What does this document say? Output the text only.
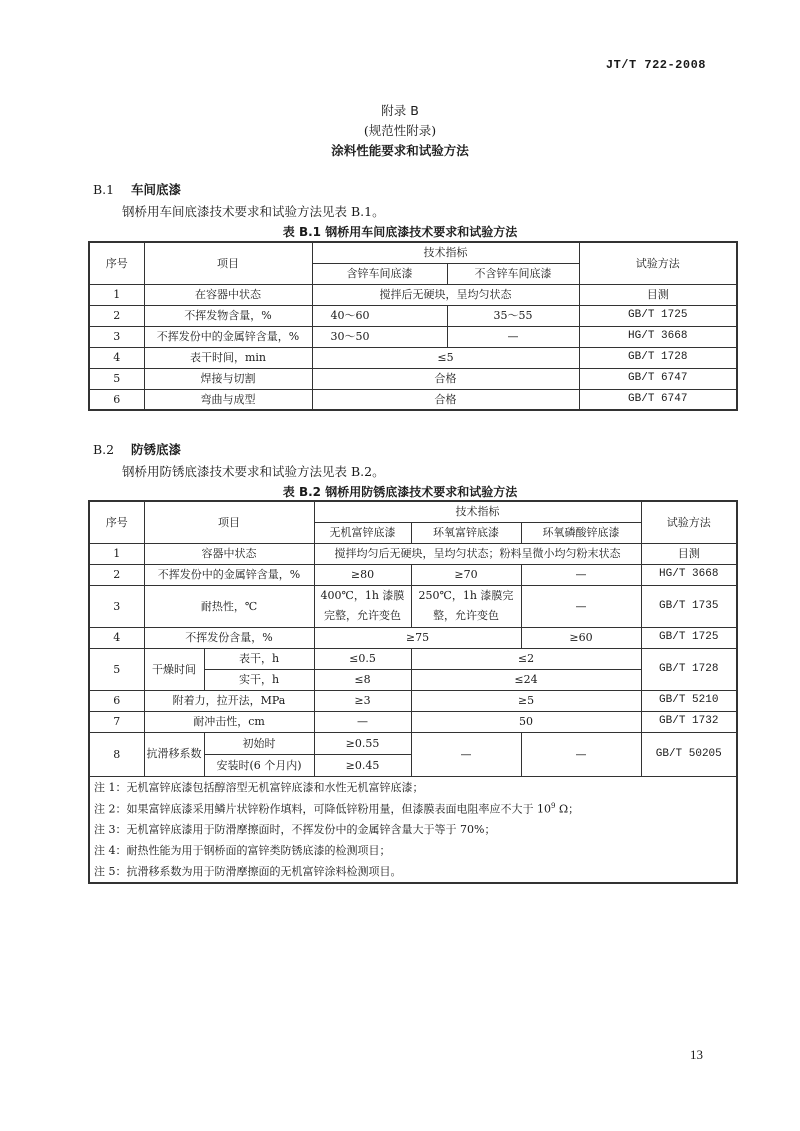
JT/T 722-2008
附录 B
(规范性附录)
涂料性能要求和试验方法
B.1 车间底漆
钢桥用车间底漆技术要求和试验方法见表 B.1。
表 B.1 钢桥用车间底漆技术要求和试验方法
序号	项目	技术指标		试验方法
		含锌车间底漆	不含锌车间底漆	
1	在容器中状态	搅拌后无硬块，呈均匀状态		目测
2	不挥发物含量，%	40～60	35～55	GB/T 1725
3	不挥发份中的金属锌含量，%	30～50	—	HG/T 3668
4	表干时间，min	≤5		GB/T 1728
5	焊接与切割	合格		GB/T 6747
6	弯曲与成型	合格		GB/T 6747
B.2 防锈底漆
钢桥用防锈底漆技术要求和试验方法见表 B.2。
表 B.2 钢桥用防锈底漆技术要求和试验方法
序号	项目		技术指标			试验方法
			无机富锌底漆	环氧富锌底漆	环氧磷酸锌底漆	
1	容器中状态		搅拌均匀后无硬块，呈均匀状态；粉料呈微小均匀粉末状态			目测
2	不挥发份中的金属锌含量，%		≥80	≥70	—	HG/T 3668
3	耐热性，℃		400℃，1h 漆膜完整，允许变色	250℃，1h 漆膜完整，允许变色	—	GB/T 1735
4	不挥发份含量，%		≥75		≥60	GB/T 1725
5	干燥时间	表干，h	≤0.5	≤2		GB/T 1728
		实干，h	≤8	≤24		
6	附着力，拉开法，MPa		≥3	≥5		GB/T 5210
7	耐冲击性，cm		—	50		GB/T 1732
8	抗滑移系数	初始时	≥0.55	—	—	GB/T 50205
		安装时(6 个月内)	≥0.45			
注 1：无机富锌底漆包括醇溶型无机富锌底漆和水性无机富锌底漆；						
注 2：如果富锌底漆采用鳞片状锌粉作填料，可降低锌粉用量，但漆膜表面电阻率应不大于 $10^9$ Ω；						
注 3：无机富锌底漆用于防滑摩擦面时，不挥发份中的金属锌含量大于等于 70%；						
注 4：耐热性能为用于钢桥面的富锌类防锈底漆的检测项目；						
注 5：抗滑移系数为用于防滑摩擦面的无机富锌涂料检测项目。						
13
